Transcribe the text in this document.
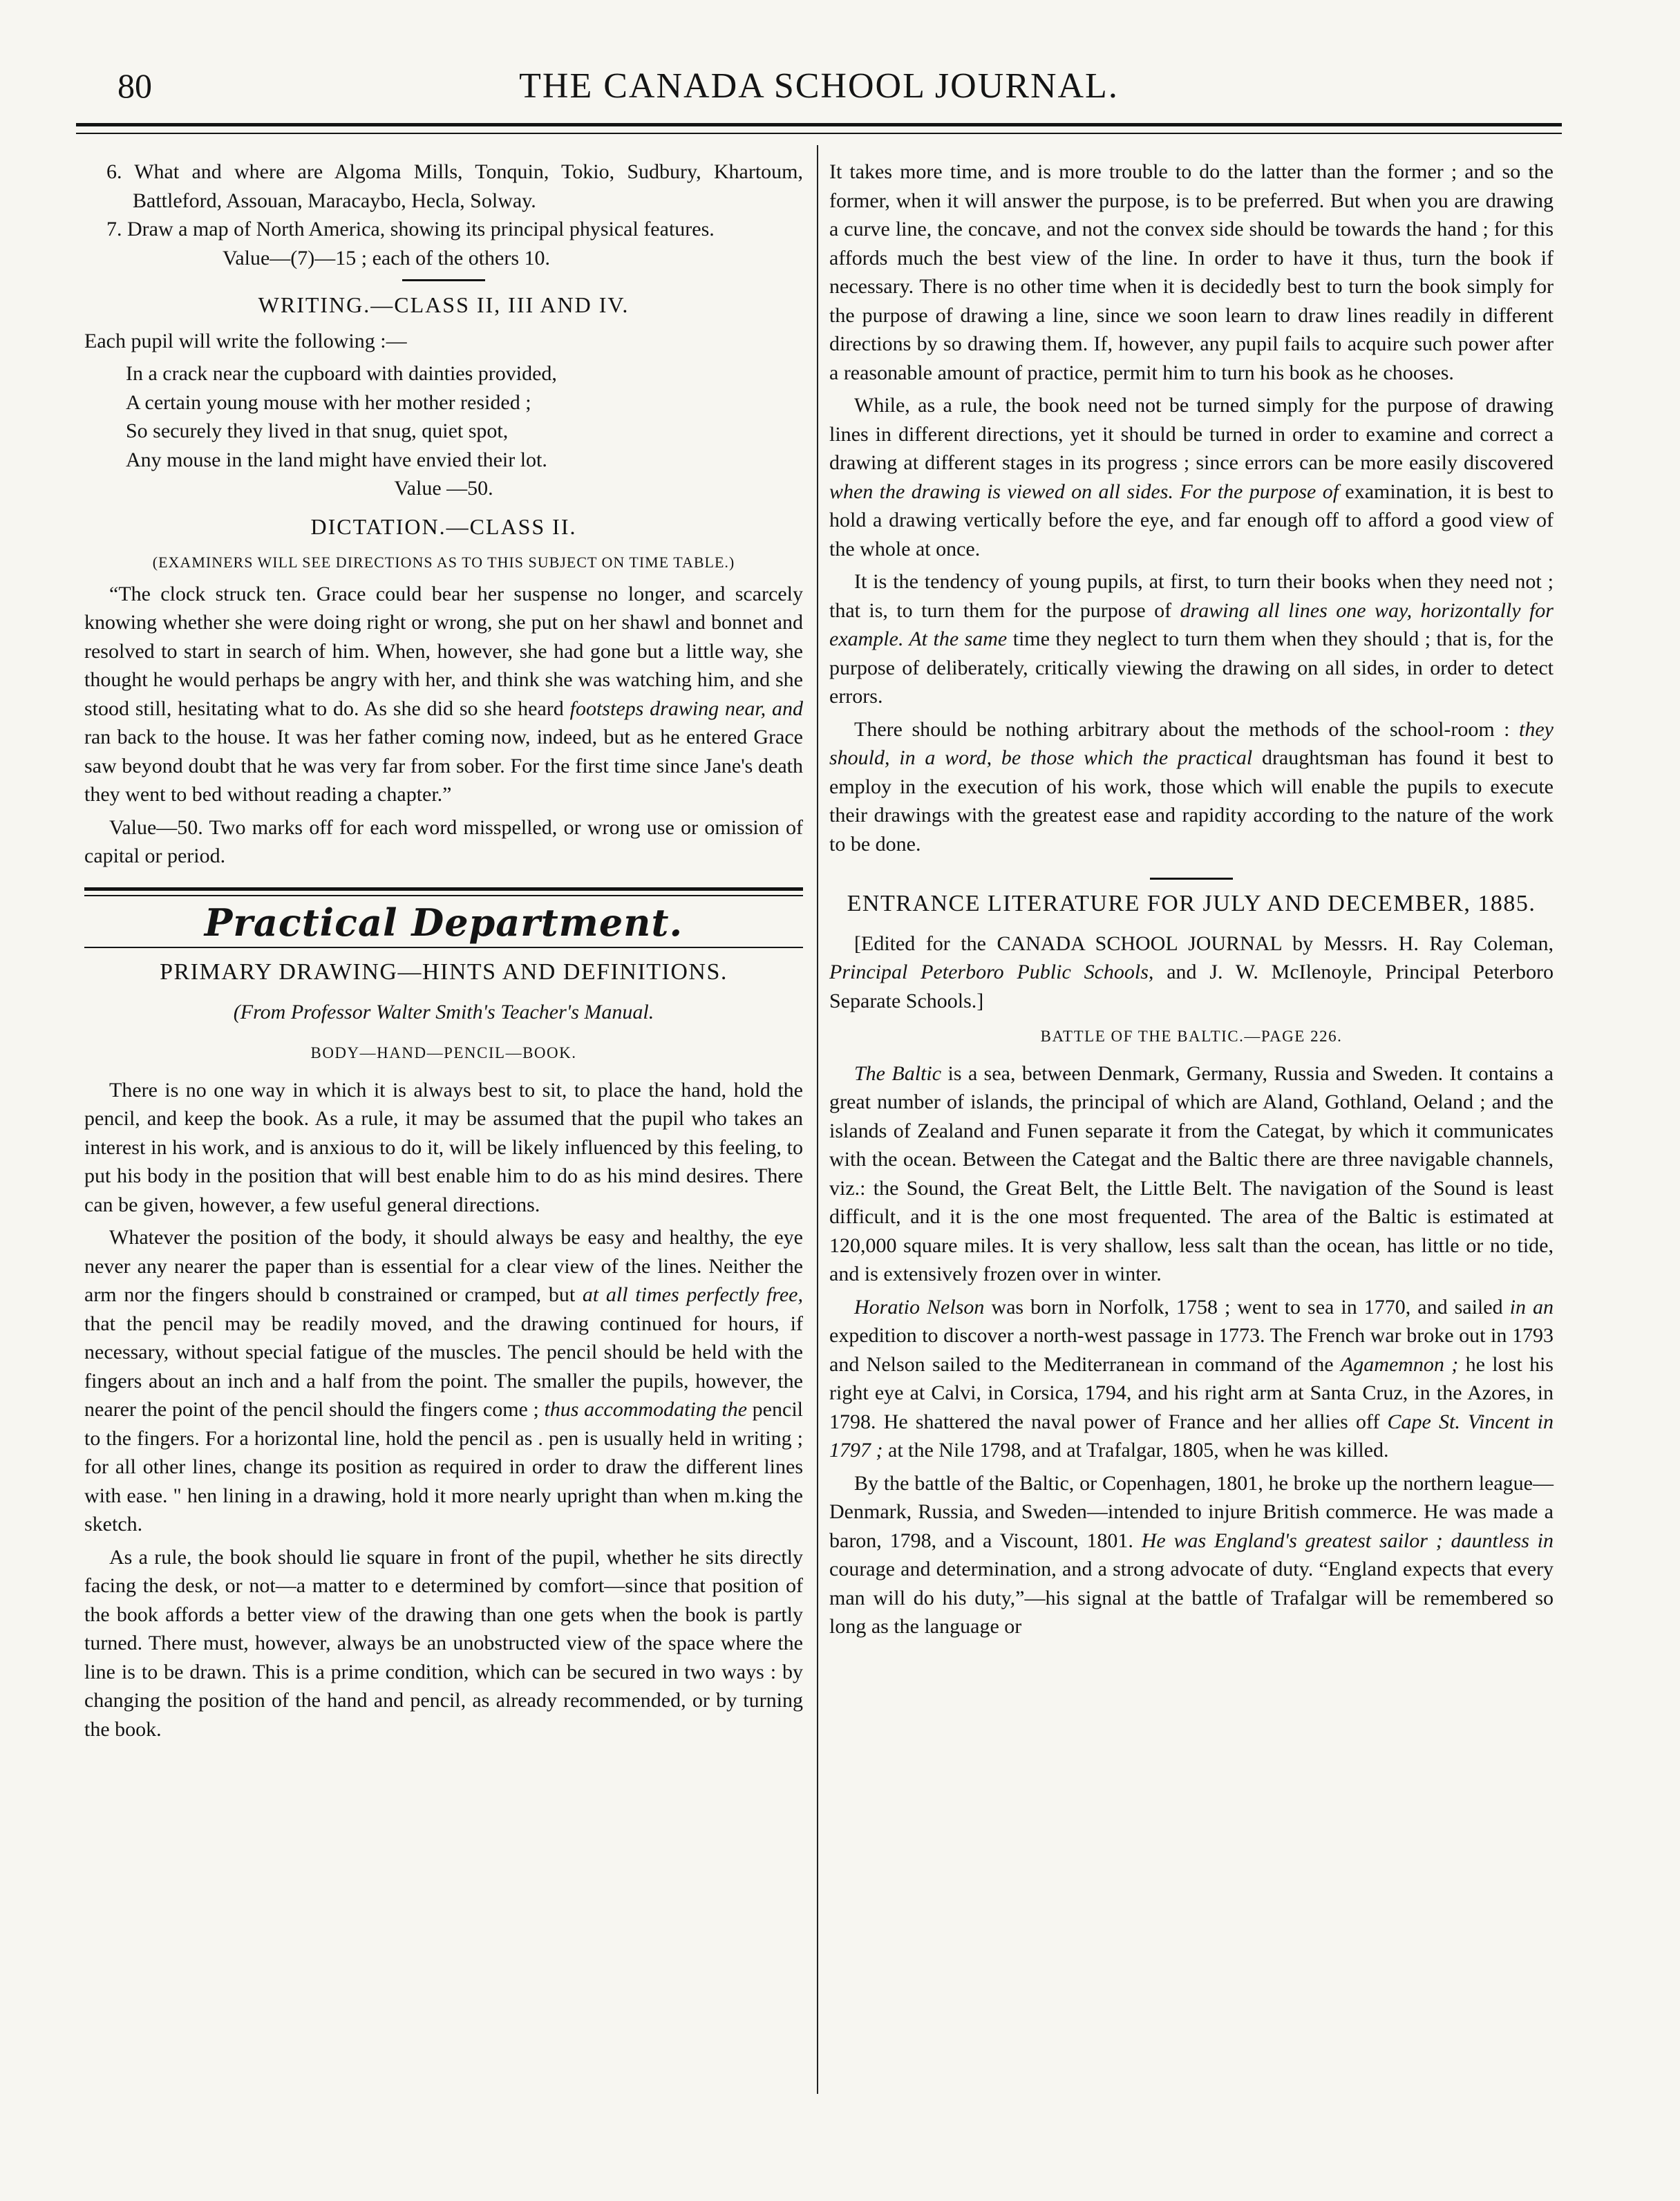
80	THE CANADA SCHOOL JOURNAL.

6. What and where are Algoma Mills, Tonquin, Tokio, Sudbury, Khartoum, Battleford, Assouan, Maracaybo, Hecla, Solway.

7. Draw a map of North America, showing its principal physical features.

Value—(7)—15 ; each of the others 10.

WRITING.—CLASS II, III AND IV.

Each pupil will write the following :—

In a crack near the cupboard with dainties provided,

A certain young mouse with her mother resided ;

So securely they lived in that snug, quiet spot,

Any mouse in the land might have envied their lot.

Value —50.

DICTATION.—CLASS II.
(EXAMINERS WILL SEE DIRECTIONS AS TO THIS SUBJECT ON TIME TABLE.)

“The clock struck ten. Grace could bear her suspense no longer, and scarcely knowing whether she were doing right or wrong, she put on her shawl and bonnet and resolved to start in search of him. When, however, she had gone but a little way, she thought he would perhaps be angry with her, and think she was watching him, and she stood still, hesitating what to do. As she did so she heard footsteps drawing near, and ran back to the house. It was her father coming now, indeed, but as he entered Grace saw beyond doubt that he was very far from sober. For the first time since Jane's death they went to bed without reading a chapter.”

Value—50. Two marks off for each word misspelled, or wrong use or omission of capital or period.

Practical Department.
PRIMARY DRAWING—HINTS AND DEFINITIONS.
(From Professor Walter Smith's Teacher's Manual.
BODY—HAND—PENCIL—BOOK.

There is no one way in which it is always best to sit, to place the hand, hold the pencil, and keep the book. As a rule, it may be assumed that the pupil who takes an interest in his work, and is anxious to do it, will be likely influenced by this feeling, to put his body in the position that will best enable him to do as his mind desires. There can be given, however, a few useful general directions.

Whatever the position of the body, it should always be easy and healthy, the eye never any nearer the paper than is essential for a clear view of the lines. Neither the arm nor the fingers should b constrained or cramped, but at all times perfectly free, that the pencil may be readily moved, and the drawing continued for hours, if necessary, without special fatigue of the muscles. The pencil should be held with the fingers about an inch and a half from the point. The smaller the pupils, however, the nearer the point of the pencil should the fingers come ; thus accommodating the pencil to the fingers. For a horizontal line, hold the pencil as . pen is usually held in writing ; for all other lines, change its position as required in order to draw the different lines with ease. " hen lining in a drawing, hold it more nearly upright than when m.king the sketch.

As a rule, the book should lie square in front of the pupil, whether he sits directly facing the desk, or not—a matter to e determined by comfort—since that position of the book affords a better view of the drawing than one gets when the book is partly turned. There must, however, always be an unobstructed view of the space where the line is to be drawn. This is a prime condition, which can be secured in two ways : by changing the position of the hand and pencil, as already recommended, or by turning the book.

It takes more time, and is more trouble to do the latter than the former ; and so the former, when it will answer the purpose, is to be preferred. But when you are drawing a curve line, the concave, and not the convex side should be towards the hand ; for this affords much the best view of the line. In order to have it thus, turn the book if necessary. There is no other time when it is decidedly best to turn the book simply for the purpose of drawing a line, since we soon learn to draw lines readily in different directions by so drawing them. If, however, any pupil fails to acquire such power after a reasonable amount of practice, permit him to turn his book as he chooses.

While, as a rule, the book need not be turned simply for the purpose of drawing lines in different directions, yet it should be turned in order to examine and correct a drawing at different stages in its progress ; since errors can be more easily discovered when the drawing is viewed on all sides. For the purpose of examination, it is best to hold a drawing vertically before the eye, and far enough off to afford a good view of the whole at once.

It is the tendency of young pupils, at first, to turn their books when they need not ; that is, to turn them for the purpose of drawing all lines one way, horizontally for example. At the same time they neglect to turn them when they should ; that is, for the purpose of deliberately, critically viewing the drawing on all sides, in order to detect errors.

There should be nothing arbitrary about the methods of the school-room : they should, in a word, be those which the practical draughtsman has found it best to employ in the execution of his work, those which will enable the pupils to execute their drawings with the greatest ease and rapidity according to the nature of the work to be done.

ENTRANCE LITERATURE FOR JULY AND DECEMBER, 1885.

[Edited for the CANADA SCHOOL JOURNAL by Messrs. H. Ray Coleman, Principal Peterboro Public Schools, and J. W. McIlenoyle, Principal Peterboro Separate Schools.]

BATTLE OF THE BALTIC.—PAGE 226.

The Baltic is a sea, between Denmark, Germany, Russia and Sweden. It contains a great number of islands, the principal of which are Aland, Gothland, Oeland ; and the islands of Zealand and Funen separate it from the Categat, by which it communicates with the ocean. Between the Categat and the Baltic there are three navigable channels, viz.: the Sound, the Great Belt, the Little Belt. The navigation of the Sound is least difficult, and it is the one most frequented. The area of the Baltic is estimated at 120,000 square miles. It is very shallow, less salt than the ocean, has little or no tide, and is extensively frozen over in winter.

Horatio Nelson was born in Norfolk, 1758 ; went to sea in 1770, and sailed in an expedition to discover a north-west passage in 1773. The French war broke out in 1793 and Nelson sailed to the Mediterranean in command of the Agamemnon ; he lost his right eye at Calvi, in Corsica, 1794, and his right arm at Santa Cruz, in the Azores, in 1798. He shattered the naval power of France and her allies off Cape St. Vincent in 1797 ; at the Nile 1798, and at Trafalgar, 1805, when he was killed.

By the battle of the Baltic, or Copenhagen, 1801, he broke up the northern league—Denmark, Russia, and Sweden—intended to injure British commerce. He was made a baron, 1798, and a Viscount, 1801. He was England's greatest sailor ; dauntless in courage and determination, and a strong advocate of duty. “England expects that every man will do his duty,”—his signal at the battle of Trafalgar will be remembered so long as the language or
